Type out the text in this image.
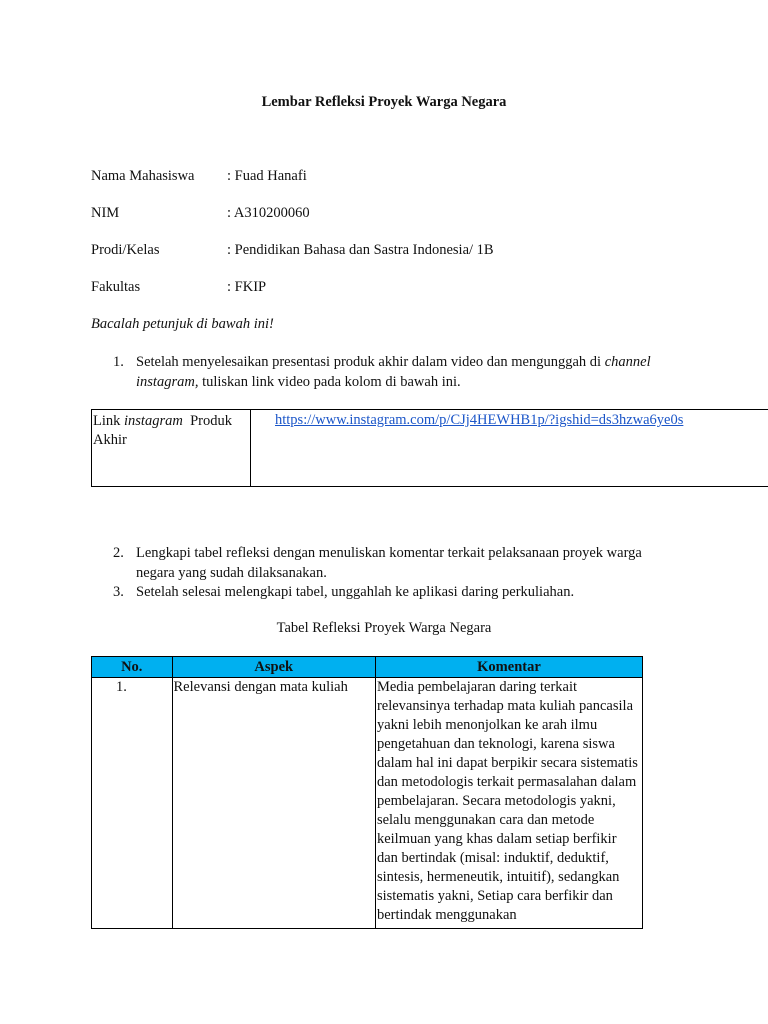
Lembar Refleksi Proyek Warga Negara
Nama Mahasiswa : Fuad Hanafi
NIM	: A310200060
Prodi/Kelas	: Pendidikan Bahasa dan Sastra Indonesia/ 1B
Fakultas	: FKIP
Bacalah petunjuk di bawah ini!
1. Setelah menyelesaikan presentasi produk akhir dalam video dan mengunggah di channel instagram, tuliskan link video pada kolom di bawah ini.
Link instagram  Produk Akhir
https://www.instagram.com/p/CJj4HEWHB1p/?igshid=ds3hzwa6ye0s
2. Lengkapi tabel refleksi dengan menuliskan komentar terkait pelaksanaan proyek warga negara yang sudah dilaksanakan.
3. Setelah selesai melengkapi tabel, unggahlah ke aplikasi daring perkuliahan.
Tabel Refleksi Proyek Warga Negara
No.	Aspek	Komentar
1.	Relevansi dengan mata kuliah	Media pembelajaran daring terkait relevansinya terhadap mata kuliah pancasila yakni lebih menonjolkan ke arah ilmu pengetahuan dan teknologi, karena siswa dalam hal ini dapat berpikir secara sistematis dan metodologis terkait permasalahan dalam pembelajaran. Secara metodologis yakni, selalu menggunakan cara dan metode keilmuan yang khas dalam setiap berfikir dan bertindak (misal: induktif, deduktif, sintesis, hermeneutik, intuitif), sedangkan sistematis yakni, Setiap cara berfikir dan bertindak menggunakan
